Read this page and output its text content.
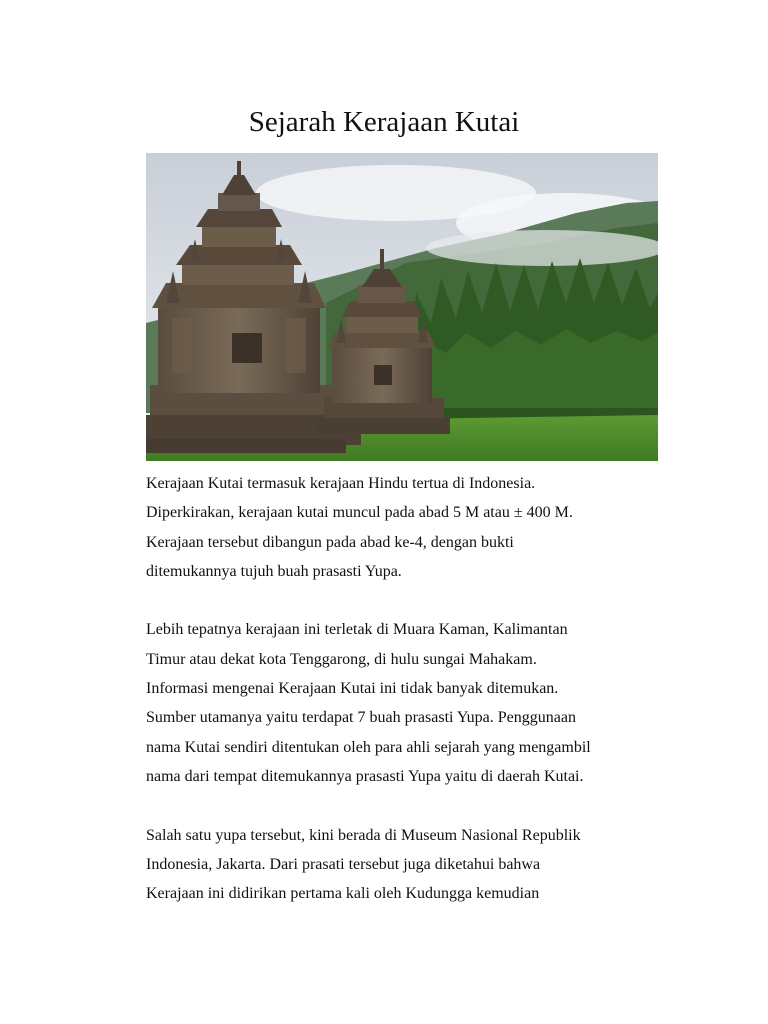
Sejarah Kerajaan Kutai

Kerajaan Kutai termasuk kerajaan Hindu tertua di Indonesia.
Diperkirakan, kerajaan kutai muncul pada abad 5 M atau ± 400 M.
Kerajaan tersebut dibangun pada abad ke-4, dengan bukti
ditemukannya tujuh buah prasasti Yupa.

Lebih tepatnya kerajaan ini terletak di Muara Kaman, Kalimantan
Timur atau dekat kota Tenggarong, di hulu sungai Mahakam.
Informasi mengenai Kerajaan Kutai ini tidak banyak ditemukan.
Sumber utamanya yaitu terdapat 7 buah prasasti Yupa. Penggunaan
nama Kutai sendiri ditentukan oleh para ahli sejarah yang mengambil
nama dari tempat ditemukannya prasasti Yupa yaitu di daerah Kutai.

Salah satu yupa tersebut, kini berada di Museum Nasional Republik
Indonesia, Jakarta. Dari prasati tersebut juga diketahui bahwa
Kerajaan ini didirikan pertama kali oleh Kudungga kemudian
